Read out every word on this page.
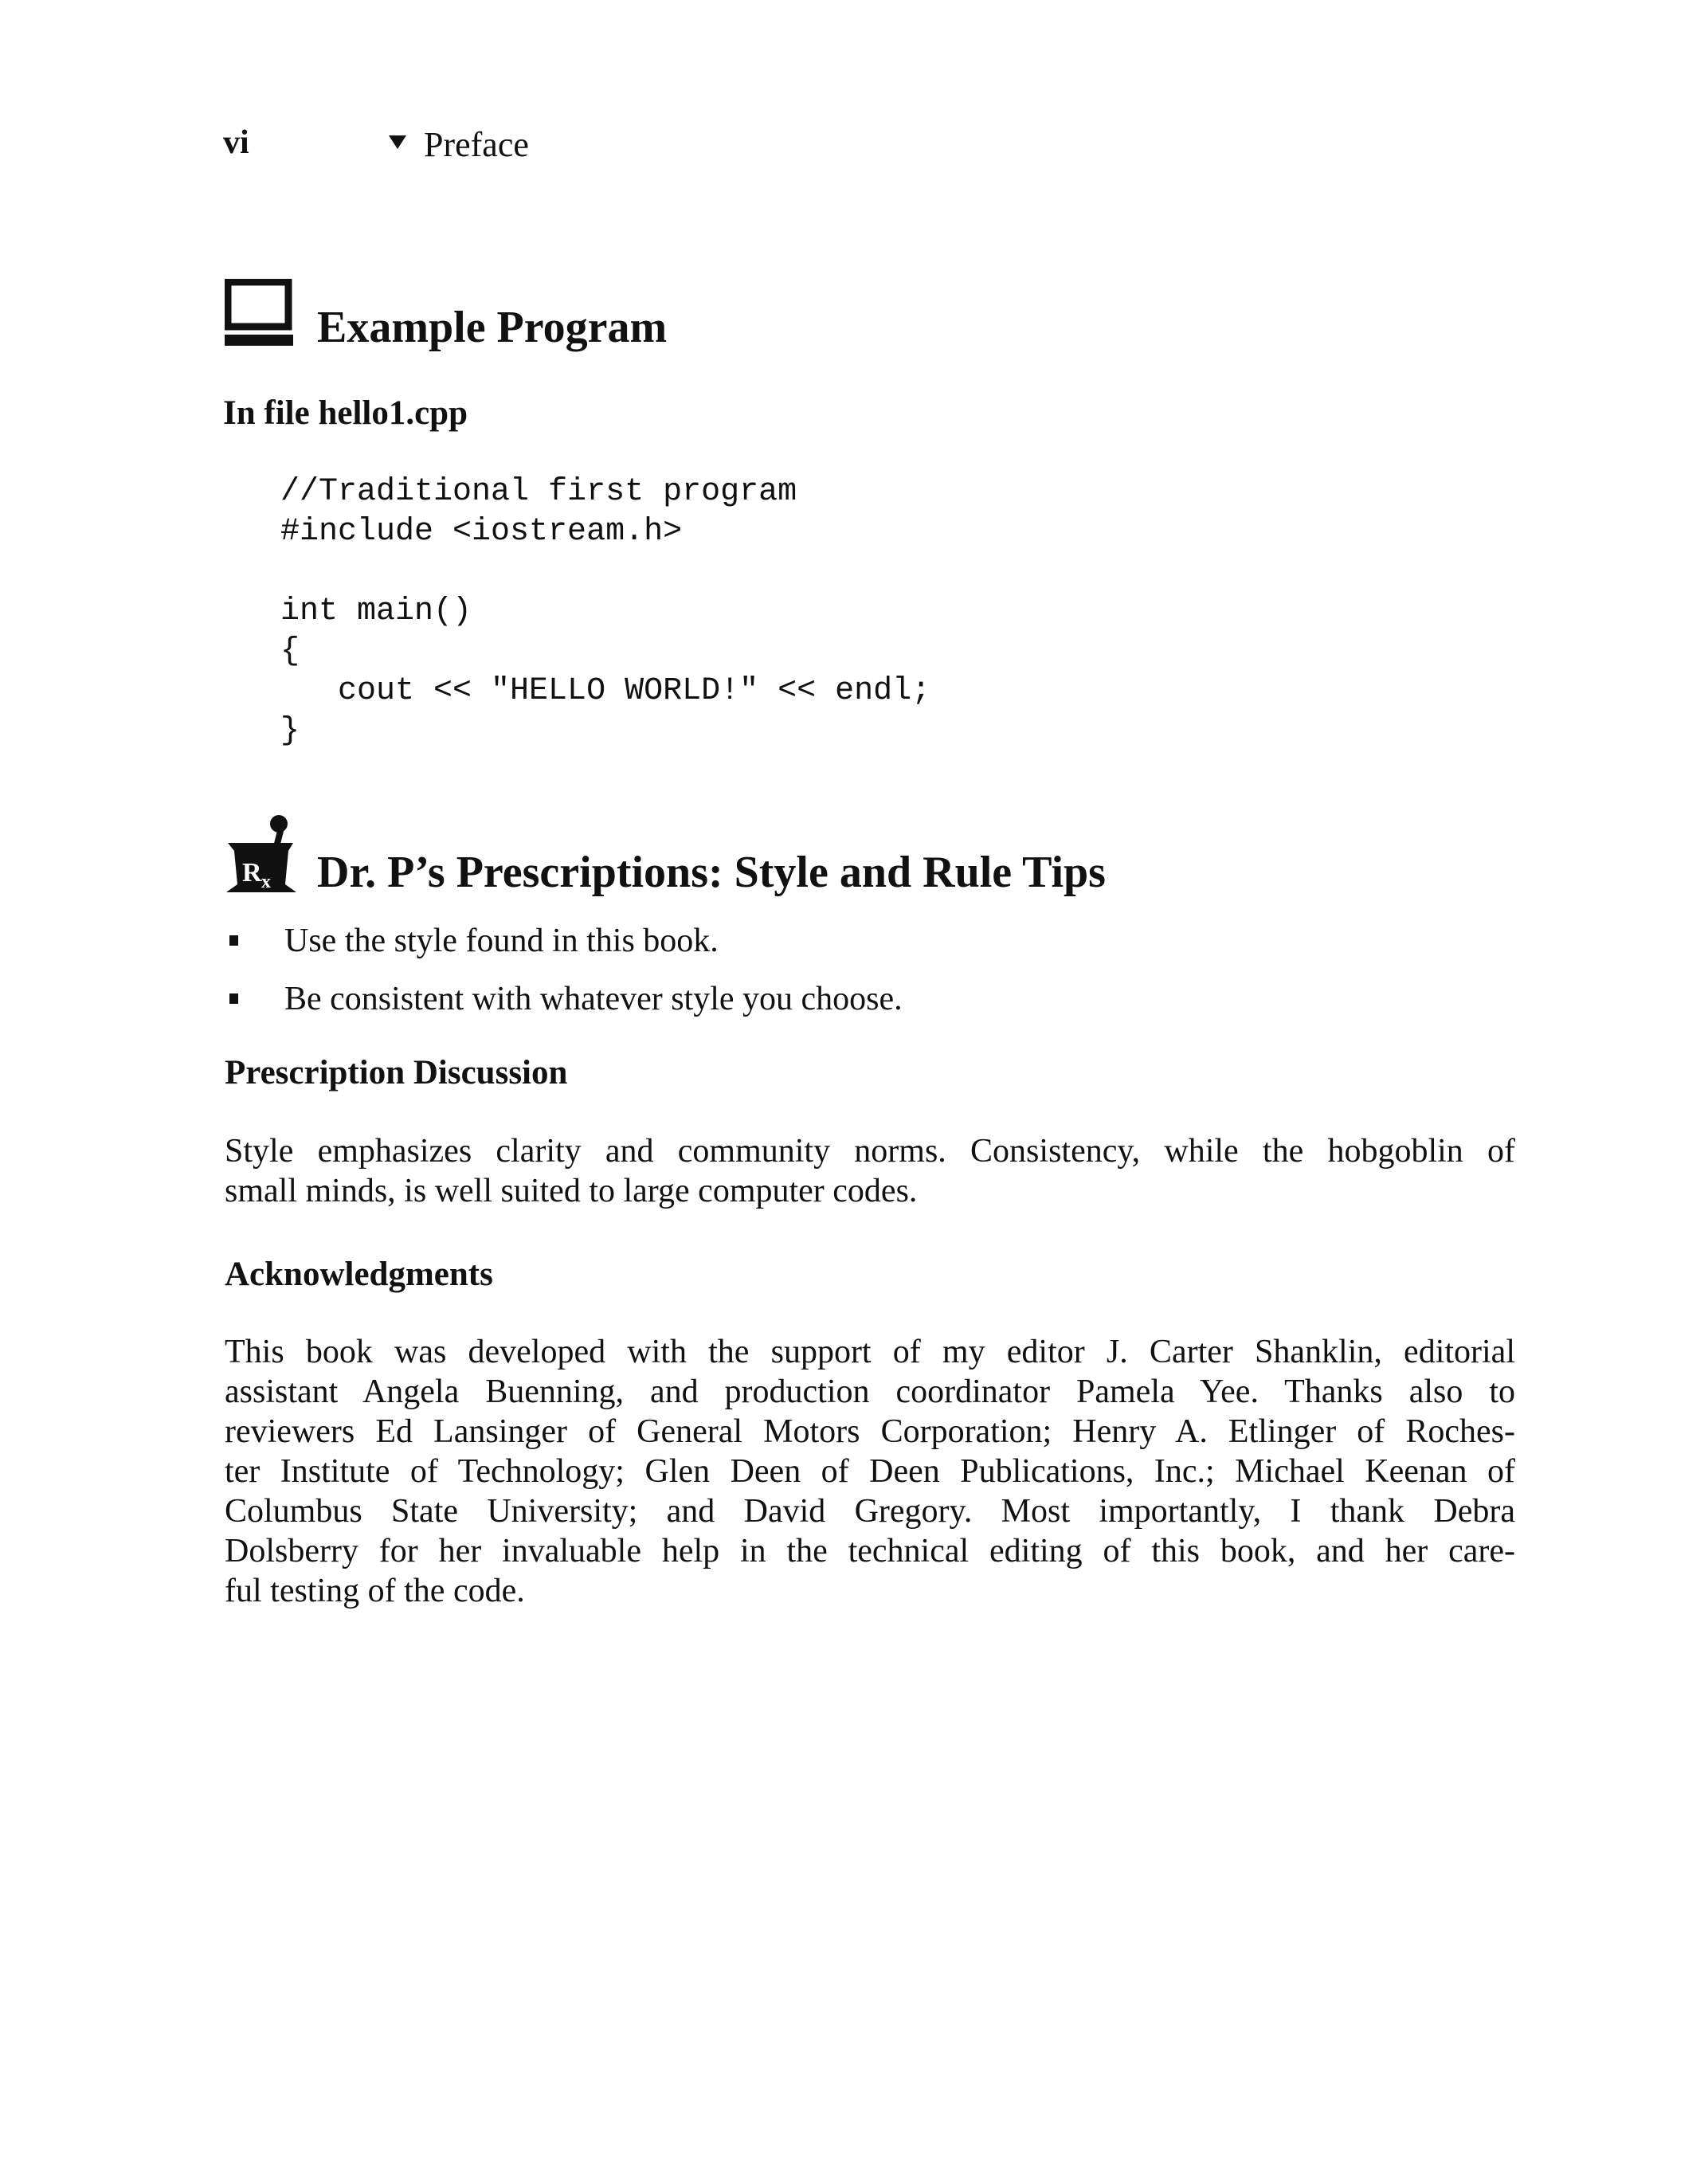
vi	Preface
Example Program
In file hello1.cpp
//Traditional first program
#include <iostream.h>

int main()
{
cout << "HELLO WORLD!" << endl;
}
R x Dr. P’s Prescriptions: Style and Rule Tips
Use the style found in this book.
Be consistent with whatever style you choose.
Prescription Discussion
Style emphasizes clarity and community norms. Consistency, while the hobgoblin of
small minds, is well suited to large computer codes.
Acknowledgments
This book was developed with the support of my editor J. Carter Shanklin, editorial
assistant Angela Buenning, and production coordinator Pamela Yee. Thanks also to
reviewers Ed Lansinger of General Motors Corporation; Henry A. Etlinger of Roches-
ter Institute of Technology; Glen Deen of Deen Publications, Inc.; Michael Keenan of
Columbus State University; and David Gregory. Most importantly, I thank Debra
Dolsberry for her invaluable help in the technical editing of this book, and her care-
ful testing of the code.
